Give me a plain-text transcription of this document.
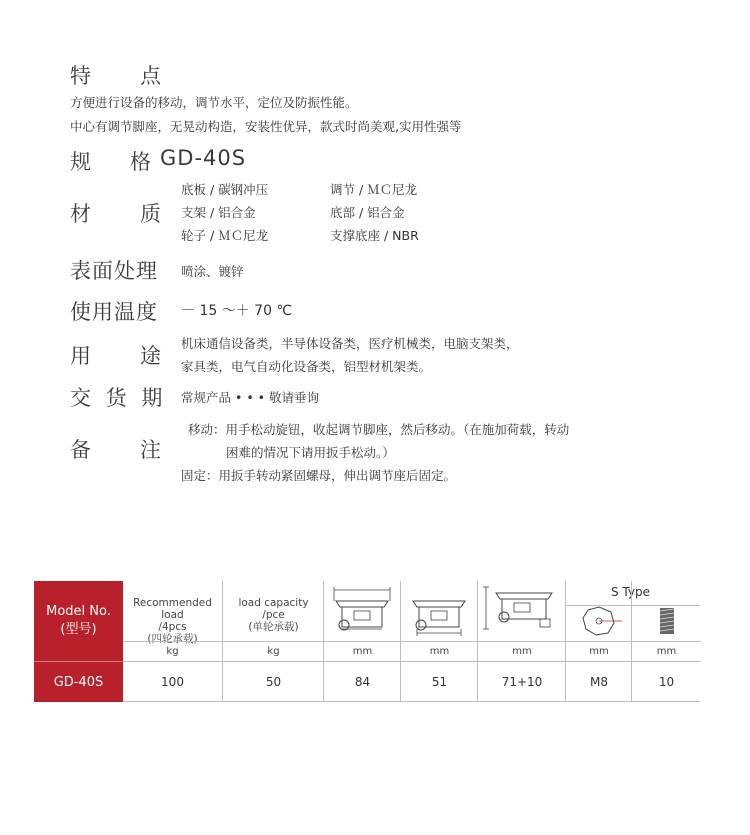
特 点
方便进行设备的移动，调节水平，定位及防振性能。
中心有调节脚座，无晃动构造，安装性优异，款式时尚美观,实用性强等
规 格 GD-40S
材 质
底板 / 碳钢冲压
支架 / 铝合金
轮子 / ＭＣ尼龙
调节 / ＭＣ尼龙
底部 / 铝合金
支撑底座 / NBR
表面处理 喷涂、镀锌
使用温度 － 15 ～＋ 70 ℃
用 途
机床通信设备类，半导体设备类，医疗机械类，电脑支架类，
家具类，电气自动化设备类，铝型材机架类。
交 货 期 常规产品 • • • 敬请垂询
备 注
移动：用手松动旋钮，收起调节脚座，然后移动。（在施加荷载，转动
困难的情况下请用扳手松动。）
固定：用扳手转动紧固螺母，伸出调节座后固定。
Model No.
(型号)
GD-40S
Recommended load
/4pcs
(四轮承载)
kg
100
load capacity
/pce
(单轮承载)
kg
50
mm
84
mm
51
mm
71+10
S Type
mm
M8
mm
10
